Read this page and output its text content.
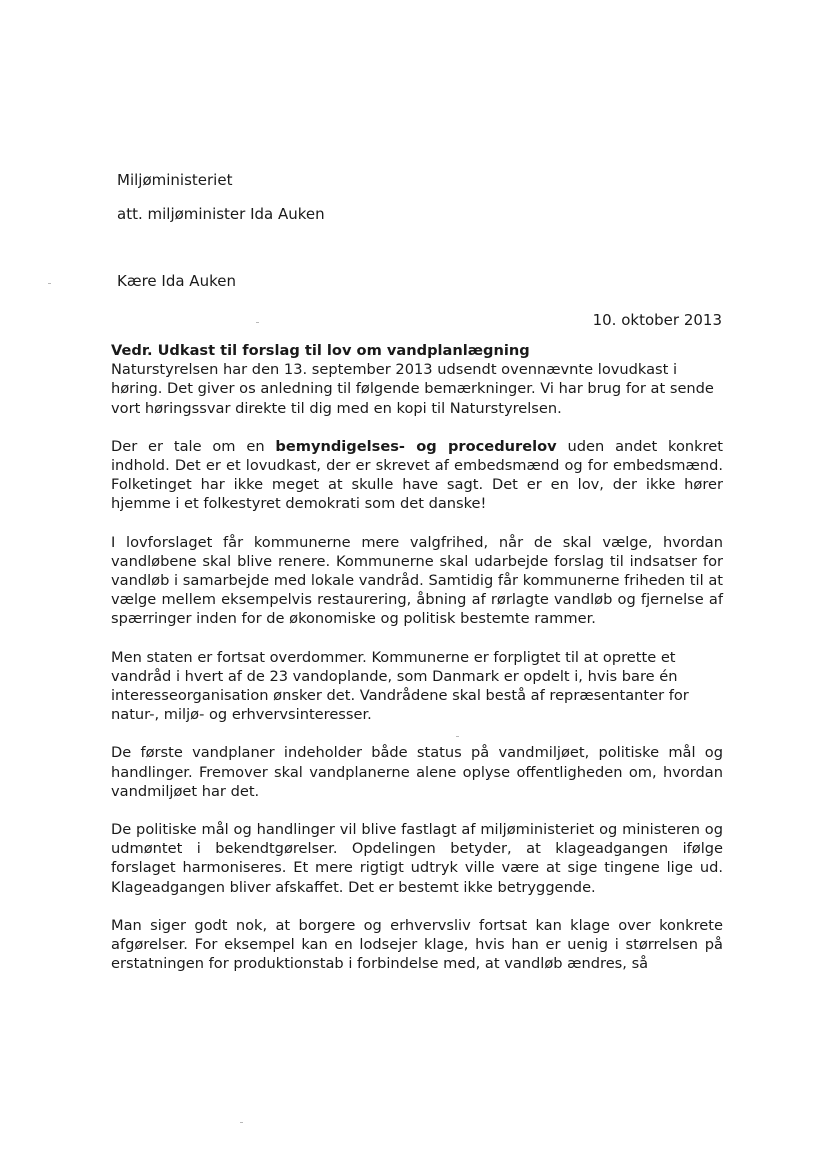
Miljøministeriet
att. miljøminister Ida Auken
Kære Ida Auken
10. oktober 2013
Vedr. Udkast til forslag til lov om vandplanlægning

Naturstyrelsen har den 13. september 2013 udsendt ovennævnte lovudkast i høring. Det giver os anledning til følgende bemærkninger. Vi har brug for at sende vort høringssvar direkte til dig med en kopi til Naturstyrelsen.

Der er tale om en bemyndigelses- og procedurelov uden andet konkret indhold. Det er et lovudkast, der er skrevet af embedsmænd og for embedsmænd. Folketinget har ikke meget at skulle have sagt. Det er en lov, der ikke hører hjemme i et folkestyret demokrati som det danske!

I lovforslaget får kommunerne mere valgfrihed, når de skal vælge, hvordan vandløbene skal blive renere. Kommunerne skal udarbejde forslag til indsatser for vandløb i samarbejde med lokale vandråd. Samtidig får kommunerne friheden til at vælge mellem eksempelvis restaurering, åbning af rørlagte vandløb og fjernelse af spærringer inden for de økonomiske og politisk bestemte rammer.

Men staten er fortsat overdommer. Kommunerne er forpligtet til at oprette et vandråd i hvert af de 23 vandoplande, som Danmark er opdelt i, hvis bare én interesseorganisation ønsker det. Vandrådene skal bestå af repræsentanter for natur-, miljø- og erhvervsinteresser.

De første vandplaner indeholder både status på vandmiljøet, politiske mål og handlinger. Fremover skal vandplanerne alene oplyse offentligheden om, hvordan vandmiljøet har det.

De politiske mål og handlinger vil blive fastlagt af miljøministeriet og ministeren og udmøntet i bekendtgørelser. Opdelingen betyder, at klageadgangen ifølge forslaget harmoniseres. Et mere rigtigt udtryk ville være at sige tingene lige ud. Klageadgangen bliver afskaffet. Det er bestemt ikke betryggende.

Man siger godt nok, at borgere og erhvervsliv fortsat kan klage over konkrete afgørelser. For eksempel kan en lodsejer klage, hvis han er uenig i størrelsen på erstatningen for produktionstab i forbindelse med, at vandløb ændres, så
